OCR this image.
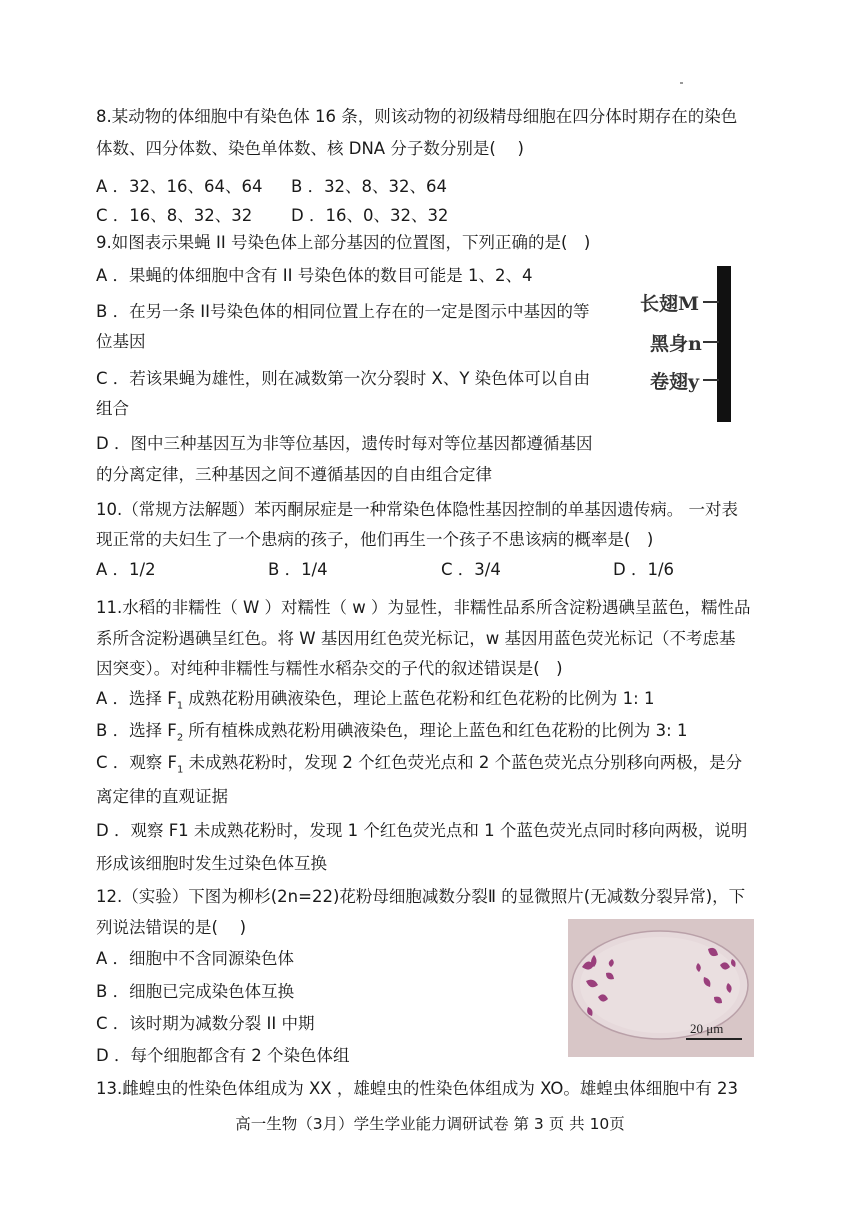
8.某动物的体细胞中有染色体 16 条，则该动物的初级精母细胞在四分体时期存在的染色
体数、四分体数、染色单体数、核 DNA 分子数分别是(　 )
A ．32、16、64、64 B ．32、8、32、64
C ．16、8、32、32 D ．16、0、32、32
9.如图表示果蝇 II 号染色体上部分基因的位置图，下列正确的是(　)
A ．果蝇的体细胞中含有 II 号染色体的数目可能是 1、2、4
B ．在另一条 II号染色体的相同位置上存在的一定是图示中基因的等
位基因
C ．若该果蝇为雄性，则在减数第一次分裂时 X、Y 染色体可以自由
组合
D ．图中三种基因互为非等位基因，遗传时每对等位基因都遵循基因
的分离定律，三种基因之间不遵循基因的自由组合定律
长翅M
黑身n
卷翅y
10.（常规方法解题）苯丙酮尿症是一种常染色体隐性基因控制的单基因遗传病。 一对表
现正常的夫妇生了一个患病的孩子，他们再生一个孩子不患该病的概率是(　)
A ．1/2	B ．1/4	C ．3/4	D ．1/6
11.水稻的非糯性（ W ）对糯性（ w ）为显性，非糯性品系所含淀粉遇碘呈蓝色，糯性品
系所含淀粉遇碘呈红色。将 W 基因用红色荧光标记，w 基因用蓝色荧光标记（不考虑基
因突变）。对纯种非糯性与糯性水稻杂交的子代的叙述错误是(　)
A ．选择 $F_1$ 成熟花粉用碘液染色，理论上蓝色花粉和红色花粉的比例为 1: 1
B ．选择 $F_2$ 所有植株成熟花粉用碘液染色，理论上蓝色和红色花粉的比例为 3: 1
C ．观察 $F_1$ 未成熟花粉时，发现 2 个红色荧光点和 2 个蓝色荧光点分别移向两极，是分
离定律的直观证据
D ．观察 F1 未成熟花粉时，发现 1 个红色荧光点和 1 个蓝色荧光点同时移向两极，说明
形成该细胞时发生过染色体互换
12.（实验）下图为柳杉(2n=22)花粉母细胞减数分裂Ⅱ 的显微照片(无减数分裂异常)，下
列说法错误的是(　 )
A ．细胞中不含同源染色体
B ．细胞已完成染色体互换
C ．该时期为减数分裂 II 中期
D ．每个细胞都含有 2 个染色体组
20 μm
13.雌蝗虫的性染色体组成为 XX ，雄蝗虫的性染色体组成为 XO。雄蝗虫体细胞中有 23
高一生物（3月）学生学业能力调研试卷 第 3 页 共 10页
